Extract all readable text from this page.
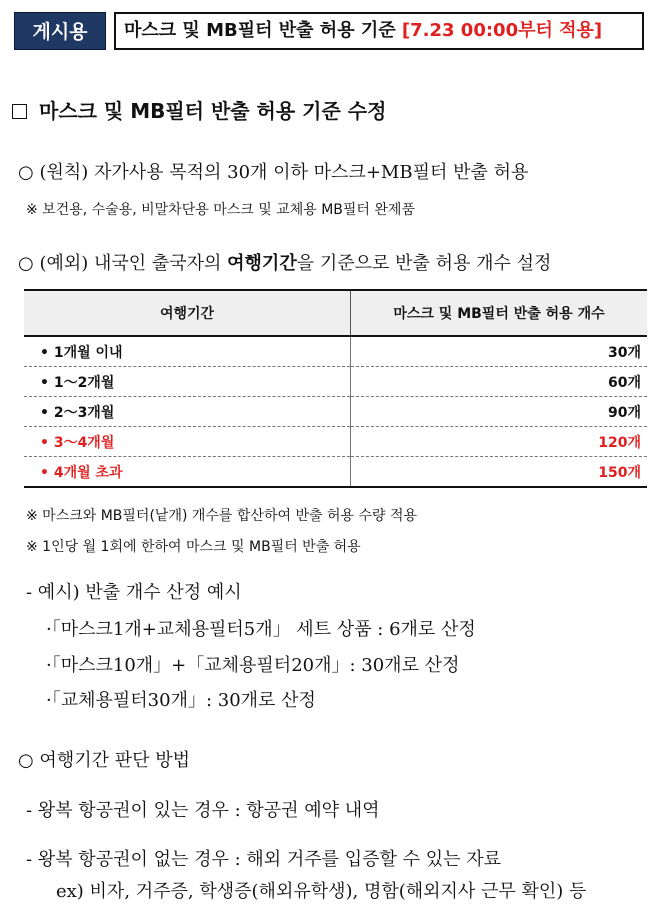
게시용	마스크 및 MB필터 반출 허용 기준 [7.23 00:00부터 적용]
마스크 및 MB필터 반출 허용 기준 수정
○ (원칙) 자가사용 목적의 30개 이하 마스크+MB필터 반출 허용
※ 보건용, 수술용, 비말차단용 마스크 및 교체용 MB필터 완제품
○ (예외) 내국인 출국자의 여행기간을 기준으로 반출 허용 개수 설정
여행기간	마스크 및 MB필터 반출 허용 개수
• 1개월 이내	30개
• 1～2개월	60개
• 2～3개월	90개
• 3～4개월	120개
• 4개월 초과	150개
※ 마스크와 MB필터(낱개) 개수를 합산하여 반출 허용 수량 적용
※ 1인당 월 1회에 한하여 마스크 및 MB필터 반출 허용
- 예시) 반출 개수 산정 예시
·「마스크1개+교체용필터5개」 세트 상품 : 6개로 산정
·「마스크10개」+「교체용필터20개」: 30개로 산정
·「교체용필터30개」: 30개로 산정
○ 여행기간 판단 방법
- 왕복 항공권이 있는 경우 : 항공권 예약 내역
- 왕복 항공권이 없는 경우 : 해외 거주를 입증할 수 있는 자료
ex) 비자, 거주증, 학생증(해외유학생), 명함(해외지사 근무 확인) 등
